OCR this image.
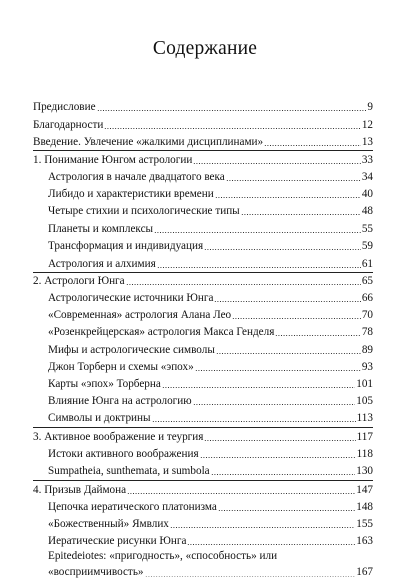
Содержание
Предисловие	9
Благодарности	12
Введение. Увлечение «жалкими дисциплинами»	13
1. Понимание Юнгом астрологии	33
Астрология в начале двадцатого века	34
Либидо и характеристики времени	40
Четыре стихии и психологические типы	48
Планеты и комплексы	55
Трансформация и индивидуация	59
Астрология и алхимия	61
2. Астрологи Юнга	65
Астрологические источники Юнга	66
«Современная» астрология Алана Лео	70
«Розенкрейцерская» астрология Макса Генделя	78
Мифы и астрологические символы	89
Джон Торберн и схемы «эпох»	93
Карты «эпох» Торберна	101
Влияние Юнга на астрологию	105
Символы и доктрины	113
3. Активное воображение и теургия	117
Истоки активного воображения	118
Sumpatheia, sunthemata, и sumbola	130
4. Призыв Даймона	147
Цепочка иератического платонизма	148
«Божественный» Ямвлих	155
Иератические рисунки Юнга	163
Epitedeiotes: «пригодность», «способность» или
«восприимчивость»	167
